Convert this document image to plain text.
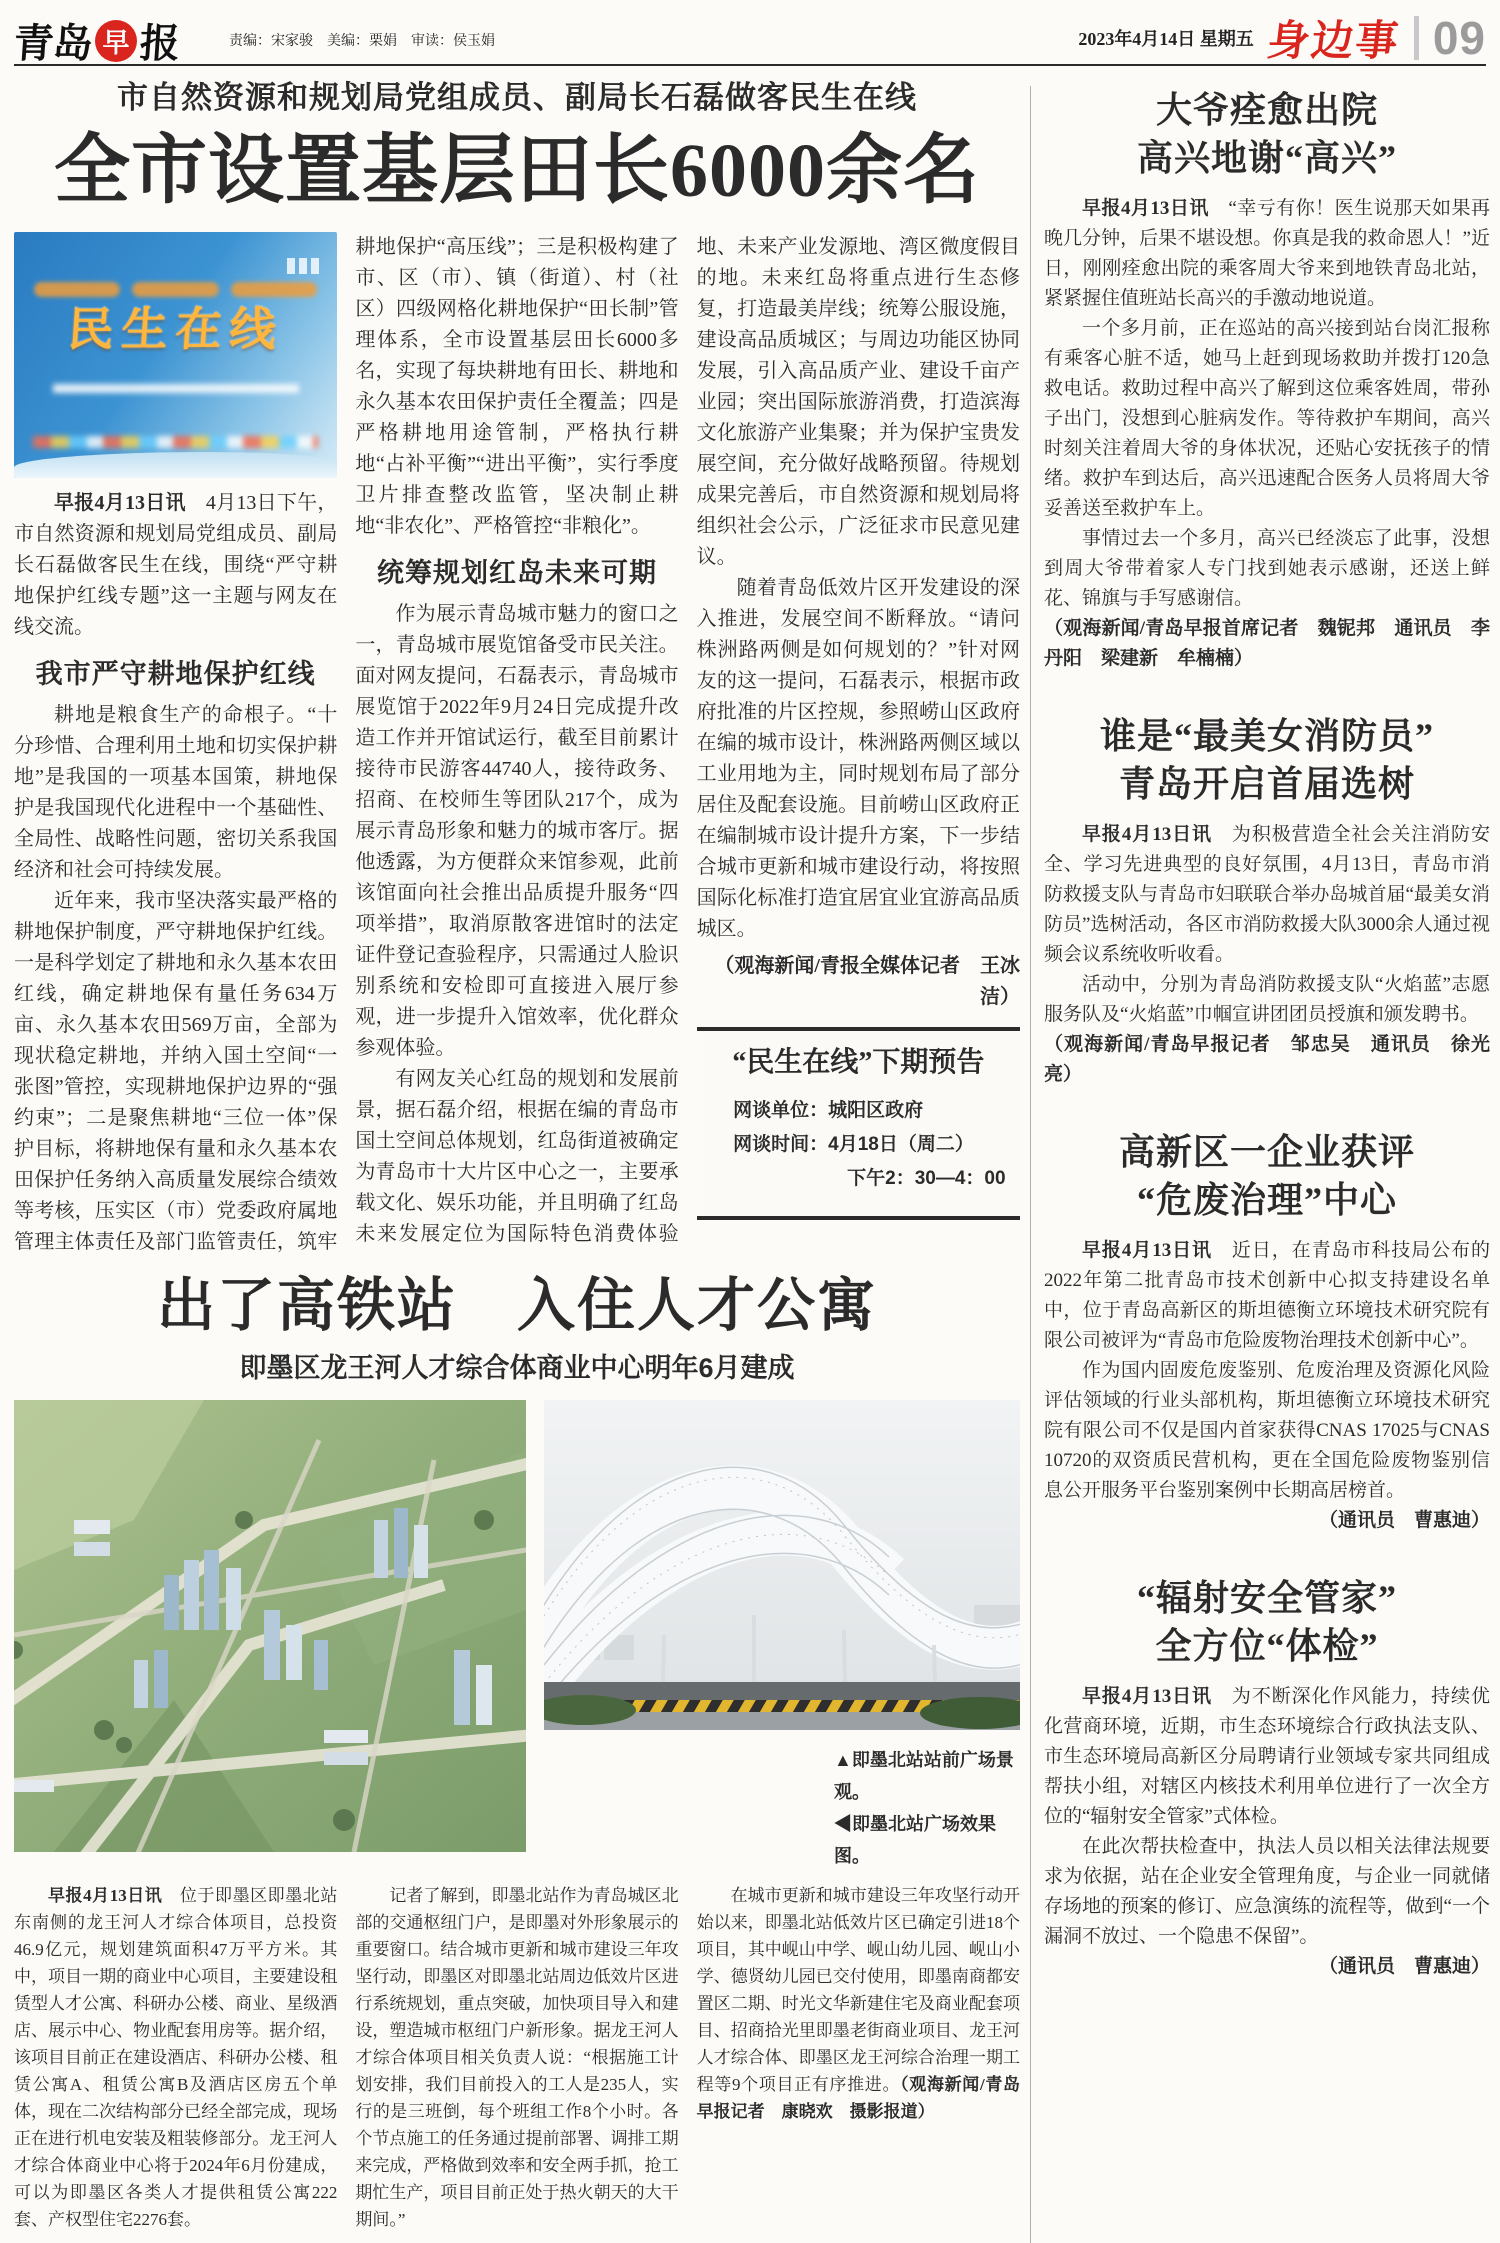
青岛 早 报	责编：宋家骏　美编：栗娟　审读：侯玉娟	2023年4月14日 星期五 身边事 09
市自然资源和规划局党组成员、副局长石磊做客民生在线
全市设置基层田长6000余名
民生在线

早报4月13日讯　4月13日下午，市自然资源和规划局党组成员、副局长石磊做客民生在线，围绕“严守耕地保护红线专题”这一主题与网友在线交流。

我市严守耕地保护红线

耕地是粮食生产的命根子。“十分珍惜、合理利用土地和切实保护耕地”是我国的一项基本国策，耕地保护是我国现代化进程中一个基础性、全局性、战略性问题，密切关系我国经济和社会可持续发展。

近年来，我市坚决落实最严格的耕地保护制度，严守耕地保护红线。一是科学划定了耕地和永久基本农田红线，确定耕地保有量任务634万亩、永久基本农田569万亩，全部为现状稳定耕地，并纳入国土空间“一张图”管控，实现耕地保护边界的“强约束”；二是聚焦耕地“三位一体”保护目标，将耕地保有量和永久基本农田保护任务纳入高质量发展综合绩效等考核，压实区（市）党委政府属地管理主体责任及部门监管责任，筑牢耕地保护“高压线”；三是积极构建了市、区（市）、镇（街道）、村（社区）四级网格化耕地保护“田长制”管理体系，全市设置基层田长6000多名，实现了每块耕地有田长、耕地和永久基本农田保护责任全覆盖；四是严格耕地用途管制，严格执行耕地“占补平衡”“进出平衡”，实行季度卫片排查整改监管，坚决制止耕地“非农化”、严格管控“非粮化”。

统筹规划红岛未来可期

作为展示青岛城市魅力的窗口之一，青岛城市展览馆备受市民关注。面对网友提问，石磊表示，青岛城市展览馆于2022年9月24日完成提升改造工作并开馆试运行，截至目前累计接待市民游客44740人，接待政务、招商、在校师生等团队217个，成为展示青岛形象和魅力的城市客厅。据他透露，为方便群众来馆参观，此前该馆面向社会推出品质提升服务“四项举措”，取消原散客进馆时的法定证件登记查验程序，只需通过人脸识别系统和安检即可直接进入展厅参观，进一步提升入馆效率，优化群众参观体验。

有网友关心红岛的规划和发展前景，据石磊介绍，根据在编的青岛市国土空间总体规划，红岛街道被确定为青岛市十大片区中心之一，主要承载文化、娱乐功能，并且明确了红岛未来发展定位为国际特色消费体验地、未来产业发源地、湾区微度假目的地。未来红岛将重点进行生态修复，打造最美岸线；统筹公服设施，建设高品质城区；与周边功能区协同发展，引入高品质产业、建设千亩产业园；突出国际旅游消费，打造滨海文化旅游产业集聚；并为保护宝贵发展空间，充分做好战略预留。待规划成果完善后，市自然资源和规划局将组织社会公示，广泛征求市民意见建议。

随着青岛低效片区开发建设的深入推进，发展空间不断释放。“请问株洲路两侧是如何规划的？”针对网友的这一提问，石磊表示，根据市政府批准的片区控规，参照崂山区政府在编的城市设计，株洲路两侧区域以工业用地为主，同时规划布局了部分居住及配套设施。目前崂山区政府正在编制城市设计提升方案，下一步结合城市更新和城市建设行动，将按照国际化标准打造宜居宜业宜游高品质城区。

（观海新闻/青报全媒体记者　王冰洁）

“民生在线”下期预告
网谈单位：城阳区政府
网谈时间：4月18日（周二）
下午2：30—4：00
出了高铁站　入住人才公寓
即墨区龙王河人才综合体商业中心明年6月建成
▲即墨北站站前广场景观。
◀即墨北站广场效果图。

早报4月13日讯　位于即墨区即墨北站东南侧的龙王河人才综合体项目，总投资46.9亿元，规划建筑面积47万平方米。其中，项目一期的商业中心项目，主要建设租赁型人才公寓、科研办公楼、商业、星级酒店、展示中心、物业配套用房等。据介绍，该项目目前正在建设酒店、科研办公楼、租赁公寓A、租赁公寓B及酒店区房五个单体，现在二次结构部分已经全部完成，现场正在进行机电安装及粗装修部分。龙王河人才综合体商业中心将于2024年6月份建成，可以为即墨区各类人才提供租赁公寓222套、产权型住宅2276套。

记者了解到，即墨北站作为青岛城区北部的交通枢纽门户，是即墨对外形象展示的重要窗口。结合城市更新和城市建设三年攻坚行动，即墨区对即墨北站周边低效片区进行系统规划，重点突破，加快项目导入和建设，塑造城市枢纽门户新形象。据龙王河人才综合体项目相关负责人说：“根据施工计划安排，我们目前投入的工人是235人，实行的是三班倒，每个班组工作8个小时。各个节点施工的任务通过提前部署、调排工期来完成，严格做到效率和安全两手抓，抢工期忙生产，项目目前正处于热火朝天的大干期间。”

在城市更新和城市建设三年攻坚行动开始以来，即墨北站低效片区已确定引进18个项目，其中岘山中学、岘山幼儿园、岘山小学、德贤幼儿园已交付使用，即墨南商都安置区二期、时光文华新建住宅及商业配套项目、招商拾光里即墨老街商业项目、龙王河人才综合体、即墨区龙王河综合治理一期工程等9个项目正有序推进。（观海新闻/青岛早报记者　康晓欢　摄影报道）

大爷痊愈出院
高兴地谢“高兴”

早报4月13日讯　“幸亏有你！医生说那天如果再晚几分钟，后果不堪设想。你真是我的救命恩人！”近日，刚刚痊愈出院的乘客周大爷来到地铁青岛北站，紧紧握住值班站长高兴的手激动地说道。

一个多月前，正在巡站的高兴接到站台岗汇报称有乘客心脏不适，她马上赶到现场救助并拨打120急救电话。救助过程中高兴了解到这位乘客姓周，带孙子出门，没想到心脏病发作。等待救护车期间，高兴时刻关注着周大爷的身体状况，还贴心安抚孩子的情绪。救护车到达后，高兴迅速配合医务人员将周大爷妥善送至救护车上。

事情过去一个多月，高兴已经淡忘了此事，没想到周大爷带着家人专门找到她表示感谢，还送上鲜花、锦旗与手写感谢信。

（观海新闻/青岛早报首席记者　魏铌邦　通讯员　李丹阳　梁建新　牟楠楠）

谁是“最美女消防员”
青岛开启首届选树

早报4月13日讯　为积极营造全社会关注消防安全、学习先进典型的良好氛围，4月13日，青岛市消防救援支队与青岛市妇联联合举办岛城首届“最美女消防员”选树活动，各区市消防救援大队3000余人通过视频会议系统收听收看。

活动中，分别为青岛消防救援支队“火焰蓝”志愿服务队及“火焰蓝”巾帼宣讲团团员授旗和颁发聘书。

（观海新闻/青岛早报记者　邹忠吴　通讯员　徐光亮）

高新区一企业获评
“危废治理”中心

早报4月13日讯　近日，在青岛市科技局公布的2022年第二批青岛市技术创新中心拟支持建设名单中，位于青岛高新区的斯坦德衡立环境技术研究院有限公司被评为“青岛市危险废物治理技术创新中心”。

作为国内固废危废鉴别、危废治理及资源化风险评估领域的行业头部机构，斯坦德衡立环境技术研究院有限公司不仅是国内首家获得CNAS 17025与CNAS 10720的双资质民营机构，更在全国危险废物鉴别信息公开服务平台鉴别案例中长期高居榜首。

（通讯员　曹惠迪）

“辐射安全管家”
全方位“体检”

早报4月13日讯　为不断深化作风能力，持续优化营商环境，近期，市生态环境综合行政执法支队、市生态环境局高新区分局聘请行业领域专家共同组成帮扶小组，对辖区内核技术利用单位进行了一次全方位的“辐射安全管家”式体检。

在此次帮扶检查中，执法人员以相关法律法规要求为依据，站在企业安全管理角度，与企业一同就储存场地的预案的修订、应急演练的流程等，做到“一个漏洞不放过、一个隐患不保留”。

（通讯员　曹惠迪）
